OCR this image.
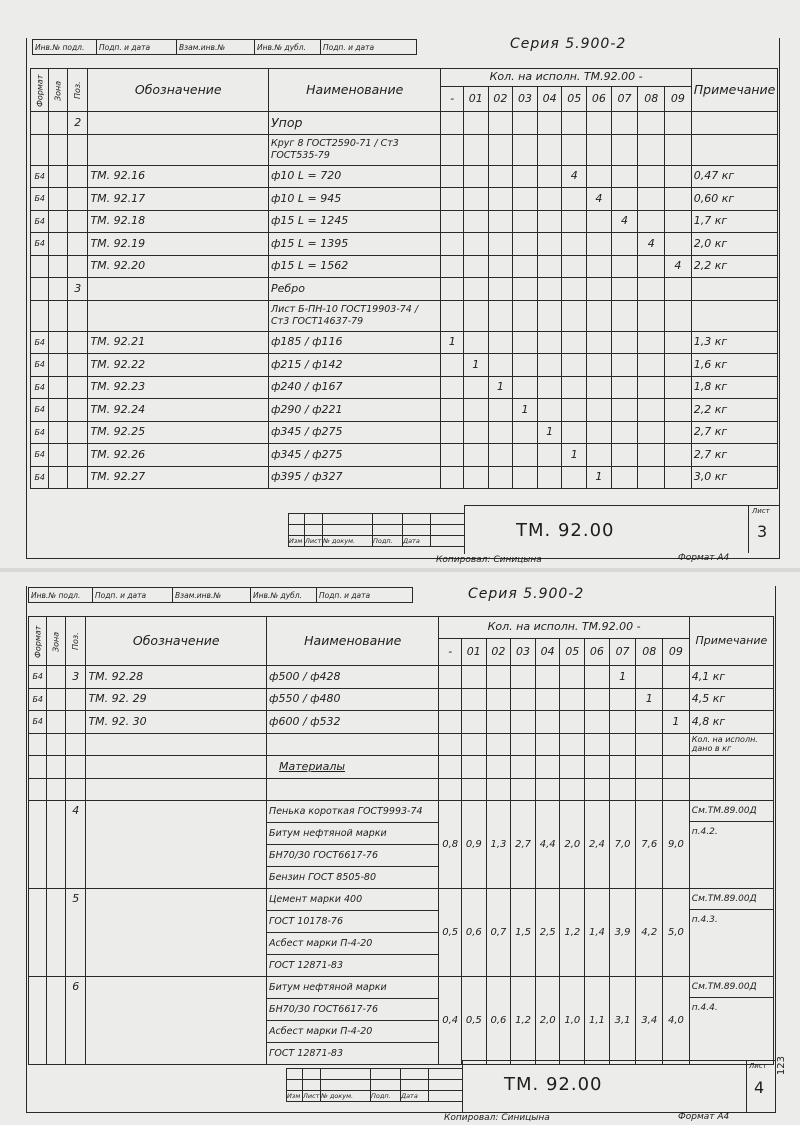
Инв.№ подл.	Подп. и дата	Взам.инв.№	Инв.№ дубл.	Подп. и дата	Серия 5.900-2
Формат	Зона	Поз.	Обозначение	Наименование	Кол. на исполн. ТМ.92.00 -										Примечание
					-	01	02	03	04	05	06	07	08	09	
		2		Упор											
				Круг 8 ГОСТ2590-71 / Ст3 ГОСТ535-79											
Б4			ТМ. 92.16	ф10 L = 720						4					0,47 кг
Б4			ТМ. 92.17	ф10 L = 945							4				0,60 кг
Б4			ТМ. 92.18	ф15 L = 1245								4			1,7 кг
Б4			ТМ. 92.19	ф15 L = 1395									4		2,0 кг
			ТМ. 92.20	ф15 L = 1562										4	2,2 кг
		3		Ребро											
				Лист Б-ПН-10 ГОСТ19903-74 / Ст3 ГОСТ14637-79											
Б4			ТМ. 92.21	ф185 / ф116	1										1,3 кг
Б4			ТМ. 92.22	ф215 / ф142		1									1,6 кг
Б4			ТМ. 92.23	ф240 / ф167			1								1,8 кг
Б4			ТМ. 92.24	ф290 / ф221				1							2,2 кг
Б4			ТМ. 92.25	ф345 / ф275					1						2,7 кг
Б4			ТМ. 92.26	ф345 / ф275						1					2,7 кг
Б4			ТМ. 92.27	ф395 / ф327							1				3,0 кг

Изм	Лист	№ докум.	Подп.	Дата	
Лист
3
ТМ. 92.00
Копировал: Синицына	Формат А4
Инв.№ подл.	Подп. и дата	Взам.инв.№	Инв.№ дубл.	Подп. и дата	Серия 5.900-2
Формат	Зона	Поз.	Обозначение	Наименование	Кол. на исполн. ТМ.92.00 -										Примечание
					-	01	02	03	04	05	06	07	08	09	
Б4		3	ТМ. 92.28	ф500 / ф428								1			4,1 кг
Б4			ТМ. 92. 29	ф550 / ф480									1		4,5 кг
Б4			ТМ. 92. 30	ф600 / ф532										1	4,8 кг
															Кол. на исполн. дано в кг
				Материалы											

		4		Пенька короткая ГОСТ9993-74	0,8	0,9	1,3	2,7	4,4	2,0	2,4	7,0	7,6	9,0	См.ТМ.89.00Д
п.4.2.

				Битум нефтяной марки											
				БН70/30 ГОСТ6617-76											
				Бензин ГОСТ 8505-80											
		5		Цемент марки 400	0,5	0,6	0,7	1,5	2,5	1,2	1,4	3,9	4,2	5,0	См.ТМ.89.00Д
п.4.3.

				ГОСТ 10178-76											
				Асбест марки П-4-20											
				ГОСТ 12871-83											
		6		Битум нефтяной марки	0,4	0,5	0,6	1,2	2,0	1,0	1,1	3,1	3,4	4,0	См.ТМ.89.00Д
п.4.4.

				БН70/30 ГОСТ6617-76											
				Асбест марки П-4-20											
				ГОСТ 12871-83											

Изм	Лист	№ докум.	Подп.	Дата	
Лист
4
ТМ. 92.00
Копировал: Синицына	Формат А4
123
